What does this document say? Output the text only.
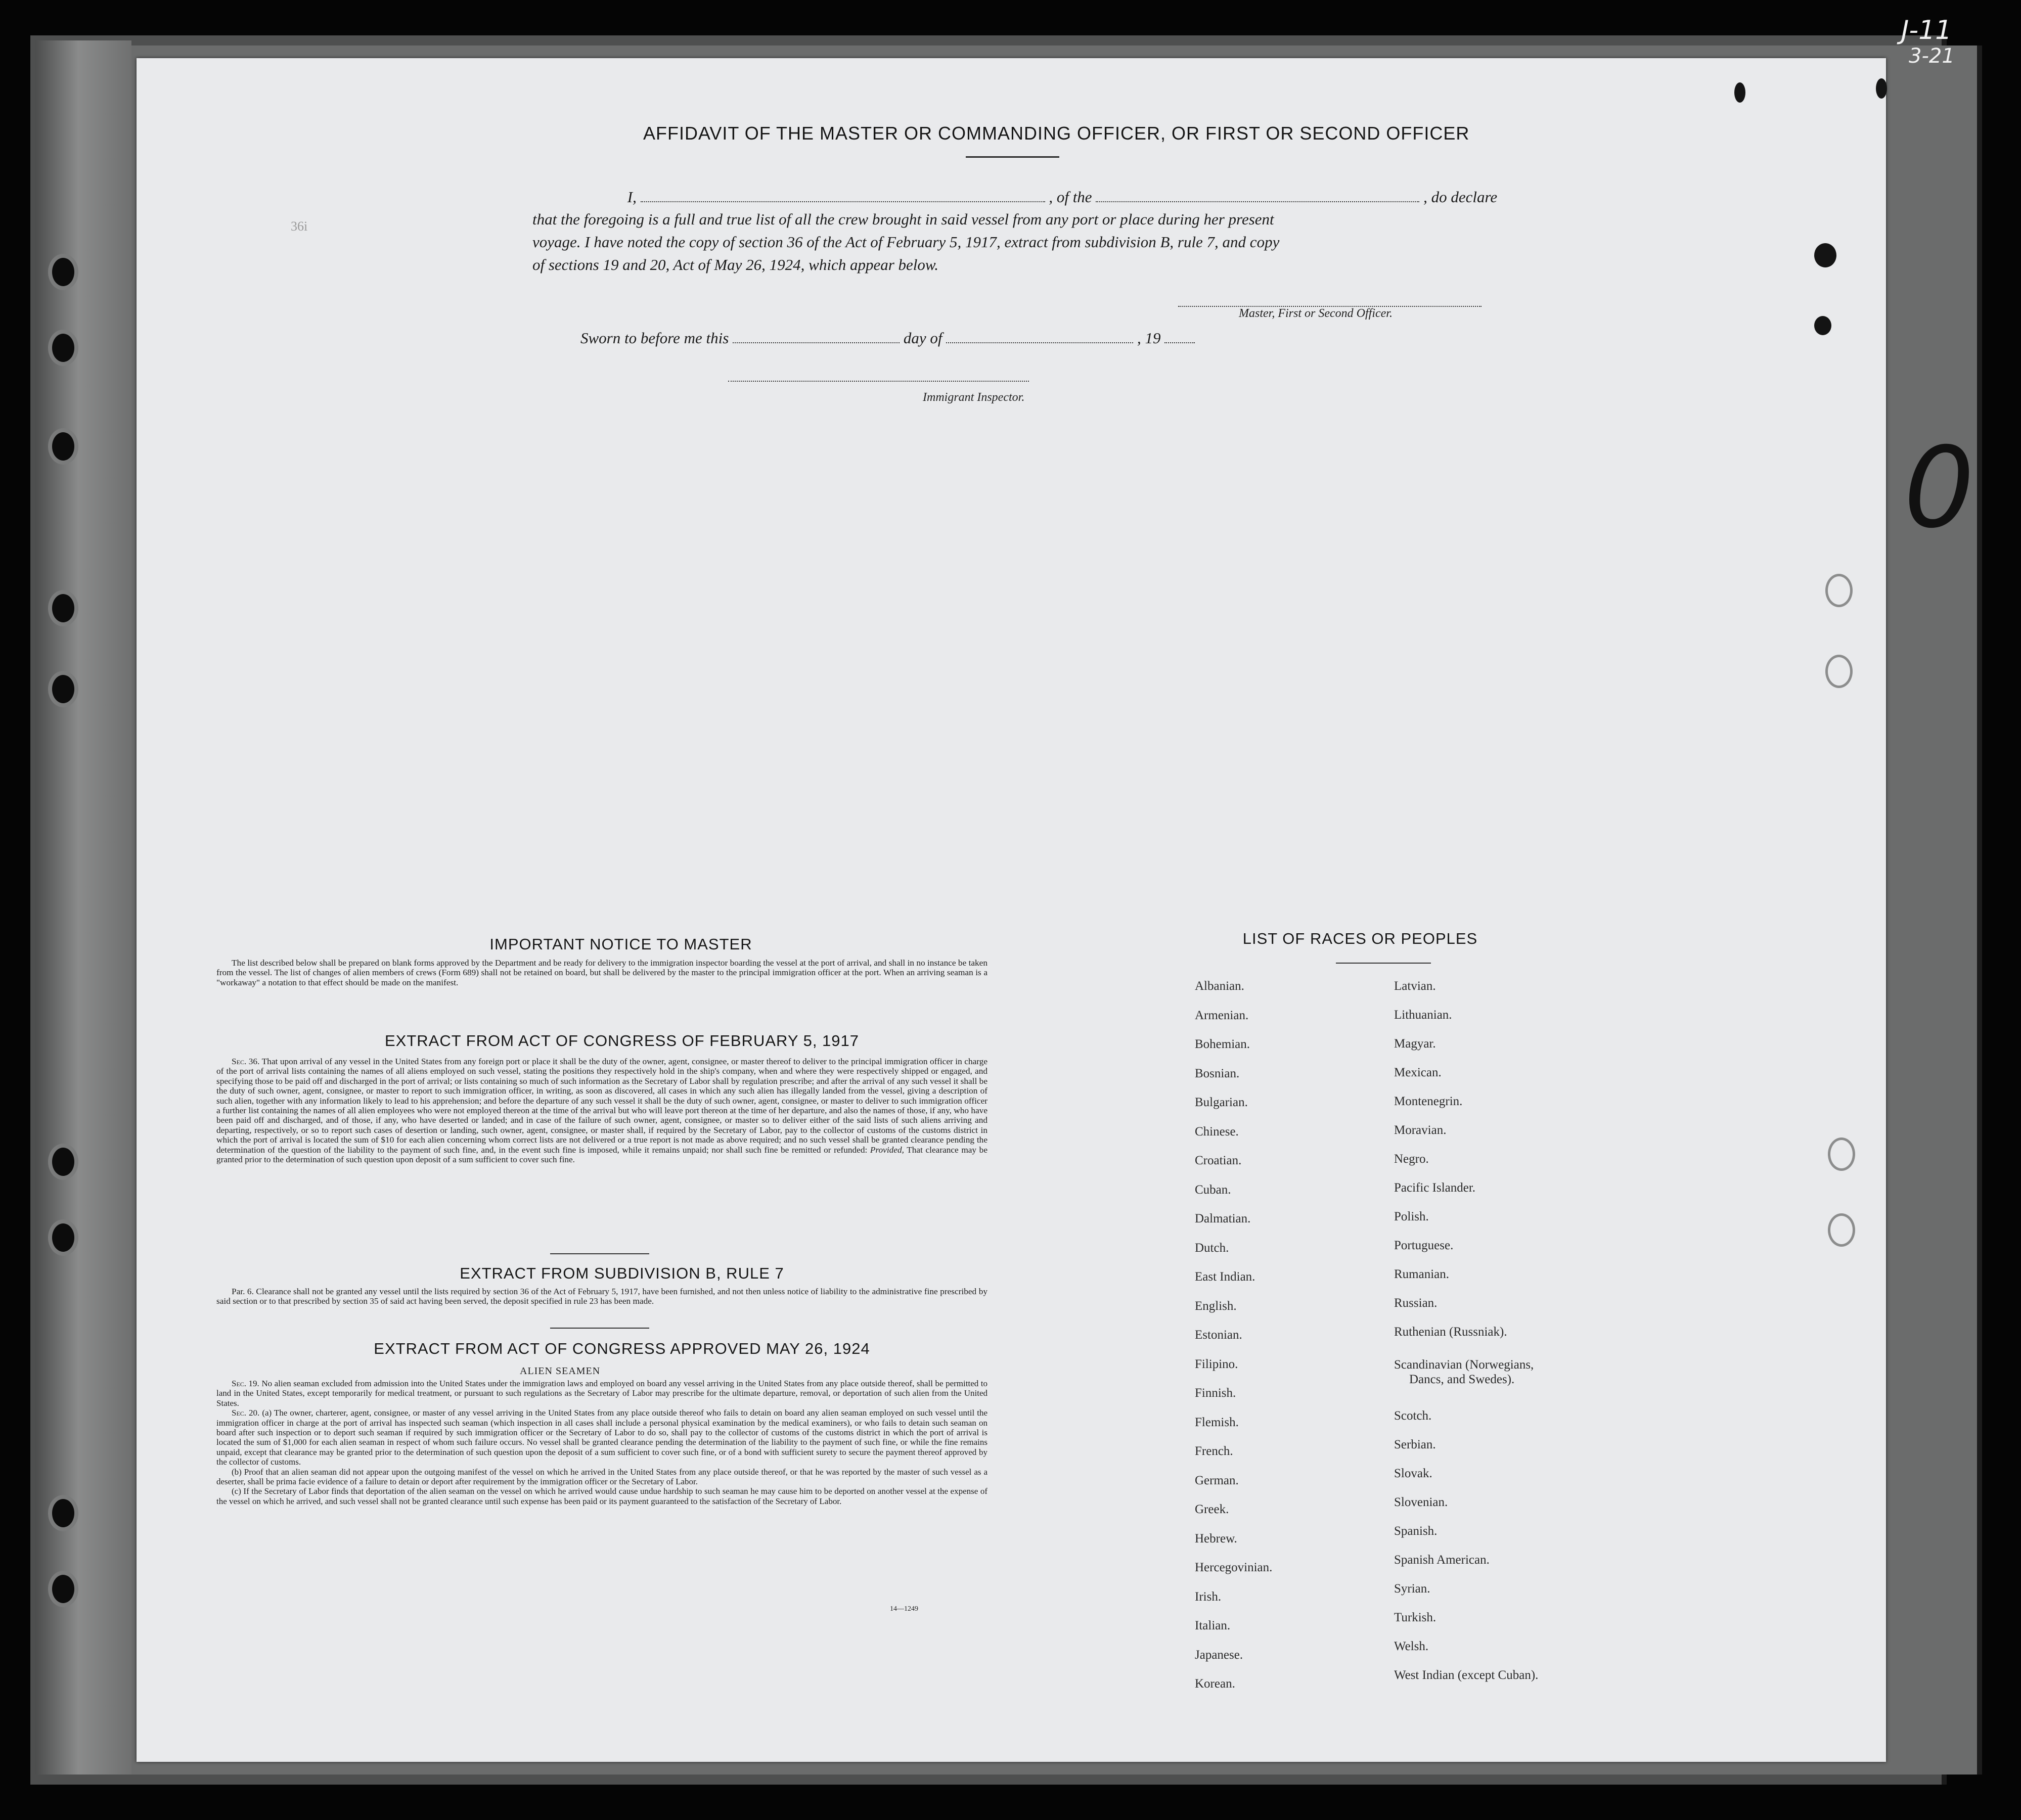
J-11
3-21
0
36i
AFFIDAVIT OF THE MASTER OR COMMANDING OFFICER, OR FIRST OR SECOND OFFICER
I,	, of the	, do declare
that the foregoing is a full and true list of all the crew brought in said vessel from any port or place during her present
voyage. I have noted the copy of section 36 of the Act of February 5, 1917, extract from subdivision B, rule 7, and copy
of sections 19 and 20, Act of May 26, 1924, which appear below.
Master, First or Second Officer.
Sworn to before me this	day of	, 19
Immigrant Inspector.
IMPORTANT NOTICE TO MASTER
The list described below shall be prepared on blank forms approved by the Department and be ready for delivery to the immigration inspector boarding the vessel at the port of arrival, and shall in no instance be taken from the vessel. The list of changes of alien members of crews (Form 689) shall not be retained on board, but shall be delivered by the master to the principal immigration officer at the port. When an arriving seaman is a "workaway" a notation to that effect should be made on the manifest.
EXTRACT FROM ACT OF CONGRESS OF FEBRUARY 5, 1917
Sec. 36. That upon arrival of any vessel in the United States from any foreign port or place it shall be the duty of the owner, agent, consignee, or master thereof to deliver to the principal immigration officer in charge of the port of arrival lists containing the names of all aliens employed on such vessel, stating the positions they respectively hold in the ship's company, when and where they were respectively shipped or engaged, and specifying those to be paid off and discharged in the port of arrival; or lists containing so much of such information as the Secretary of Labor shall by regulation prescribe; and after the arrival of any such vessel it shall be the duty of such owner, agent, consignee, or master to report to such immigration officer, in writing, as soon as discovered, all cases in which any such alien has illegally landed from the vessel, giving a description of such alien, together with any information likely to lead to his apprehension; and before the departure of any such vessel it shall be the duty of such owner, agent, consignee, or master to deliver to such immigration officer a further list containing the names of all alien employees who were not employed thereon at the time of the arrival but who will leave port thereon at the time of her departure, and also the names of those, if any, who have been paid off and discharged, and of those, if any, who have deserted or landed; and in case of the failure of such owner, agent, consignee, or master so to deliver either of the said lists of such aliens arriving and departing, respectively, or so to report such cases of desertion or landing, such owner, agent, consignee, or master shall, if required by the Secretary of Labor, pay to the collector of customs of the customs district in which the port of arrival is located the sum of $10 for each alien concerning whom correct lists are not delivered or a true report is not made as above required; and no such vessel shall be granted clearance pending the determination of the question of the liability to the payment of such fine, and, in the event such fine is imposed, while it remains unpaid; nor shall such fine be remitted or refunded: Provided, That clearance may be granted prior to the determination of such question upon deposit of a sum sufficient to cover such fine.
EXTRACT FROM SUBDIVISION B, RULE 7
Par. 6. Clearance shall not be granted any vessel until the lists required by section 36 of the Act of February 5, 1917, have been furnished, and not then unless notice of liability to the administrative fine prescribed by said section or to that prescribed by section 35 of said act having been served, the deposit specified in rule 23 has been made.
EXTRACT FROM ACT OF CONGRESS APPROVED MAY 26, 1924
ALIEN SEAMEN
Sec. 19. No alien seaman excluded from admission into the United States under the immigration laws and employed on board any vessel arriving in the United States from any place outside thereof, shall be permitted to land in the United States, except temporarily for medical treatment, or pursuant to such regulations as the Secretary of Labor may prescribe for the ultimate departure, removal, or deportation of such alien from the United States.
Sec. 20. (a) The owner, charterer, agent, consignee, or master of any vessel arriving in the United States from any place outside thereof who fails to detain on board any alien seaman employed on such vessel until the immigration officer in charge at the port of arrival has inspected such seaman (which inspection in all cases shall include a personal physical examination by the medical examiners), or who fails to detain such seaman on board after such inspection or to deport such seaman if required by such immigration officer or the Secretary of Labor to do so, shall pay to the collector of customs of the customs district in which the port of arrival is located the sum of $1,000 for each alien seaman in respect of whom such failure occurs. No vessel shall be granted clearance pending the determination of the liability to the payment of such fine, or while the fine remains unpaid, except that clearance may be granted prior to the determination of such question upon the deposit of a sum sufficient to cover such fine, or of a bond with sufficient surety to secure the payment thereof approved by the collector of customs.
(b) Proof that an alien seaman did not appear upon the outgoing manifest of the vessel on which he arrived in the United States from any place outside thereof, or that he was reported by the master of such vessel as a deserter, shall be prima facie evidence of a failure to detain or deport after requirement by the immigration officer or the Secretary of Labor.
(c) If the Secretary of Labor finds that deportation of the alien seaman on the vessel on which he arrived would cause undue hardship to such seaman he may cause him to be deported on another vessel at the expense of the vessel on which he arrived, and such vessel shall not be granted clearance until such expense has been paid or its payment guaranteed to the satisfaction of the Secretary of Labor.
14—1249
LIST OF RACES OR PEOPLES
Albanian.
Armenian.
Bohemian.
Bosnian.
Bulgarian.
Chinese.
Croatian.
Cuban.
Dalmatian.
Dutch.
East Indian.
English.
Estonian.
Filipino.
Finnish.
Flemish.
French.
German.
Greek.
Hebrew.
Hercegovinian.
Irish.
Italian.
Japanese.
Korean.
Latvian.
Lithuanian.
Magyar.
Mexican.
Montenegrin.
Moravian.
Negro.
Pacific Islander.
Polish.
Portuguese.
Rumanian.
Russian.
Ruthenian (Russniak).
Scandinavian (Norwegians,
Dancs, and Swedes).
Scotch.
Serbian.
Slovak.
Slovenian.
Spanish.
Spanish American.
Syrian.
Turkish.
Welsh.
West Indian (except Cuban).
